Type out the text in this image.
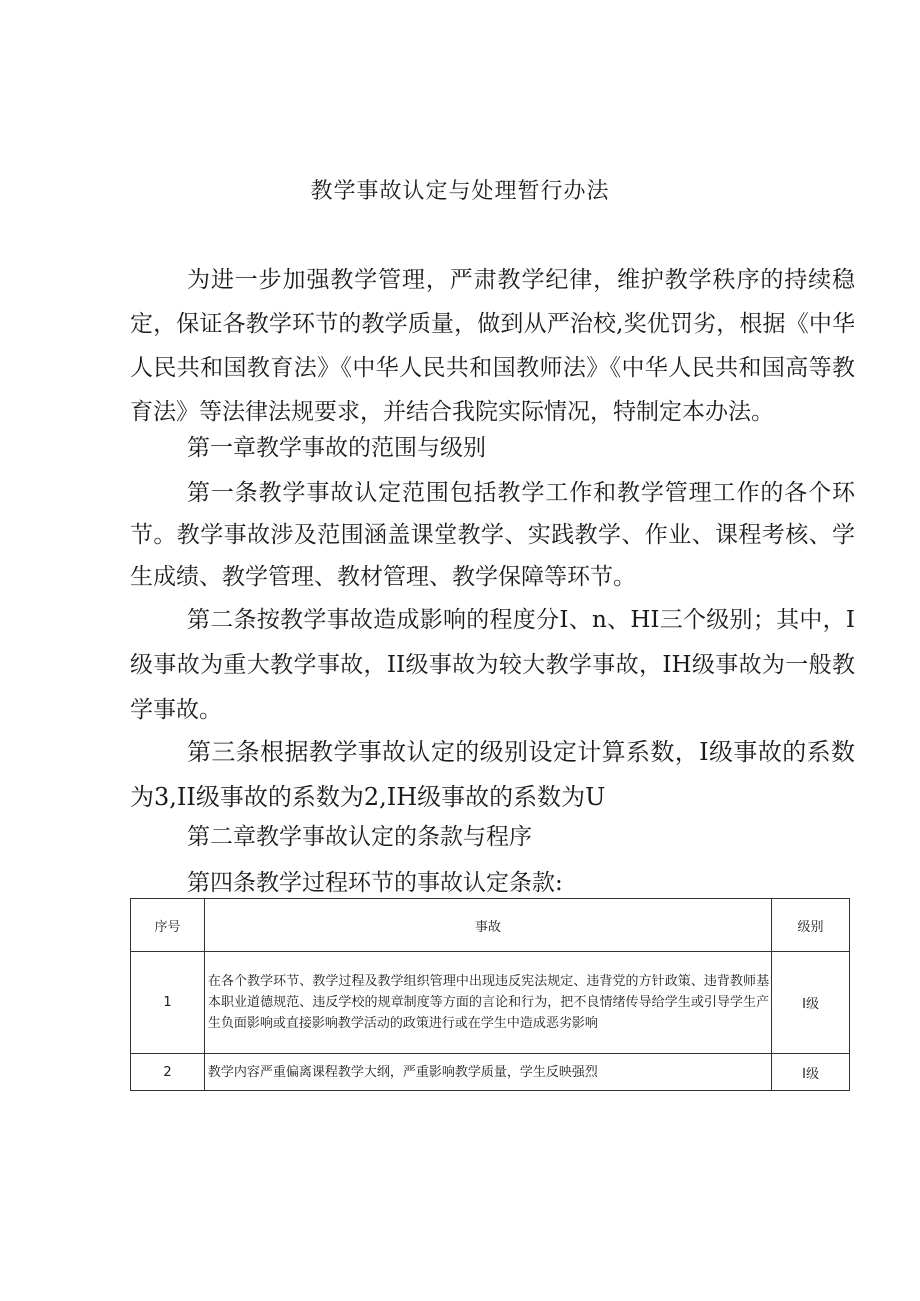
教学事故认定与处理暂行办法

为进一步加强教学管理，严肃教学纪律，维护教学秩序的持续稳定，保证各教学环节的教学质量，做到从严治校,奖优罚劣，根据《中华人民共和国教育法》《中华人民共和国教师法》《中华人民共和国高等教育法》等法律法规要求，并结合我院实际情况，特制定本办法。

第一章教学事故的范围与级别

第一条教学事故认定范围包括教学工作和教学管理工作的各个环节。教学事故涉及范围涵盖课堂教学、实践教学、作业、课程考核、学生成绩、教学管理、教材管理、教学保障等环节。

第二条按教学事故造成影响的程度分I、n、HI三个级别；其中，I级事故为重大教学事故，II级事故为较大教学事故，IH级事故为一般教学事故。

第三条根据教学事故认定的级别设定计算系数，I级事故的系数为3,II级事故的系数为2,IH级事故的系数为U

第二章教学事故认定的条款与程序

第四条教学过程环节的事故认定条款:

序号	事故	级别
1	在各个教学环节、教学过程及教学组织管理中出现违反宪法规定、违背党的方针政策、违背教师基本职业道德规范、违反学校的规章制度等方面的言论和行为，把不良情绪传导给学生或引导学生产生负面影响或直接影响教学活动的政策进行或在学生中造成恶劣影响	I级
2	教学内容严重偏离课程教学大纲，严重影响教学质量，学生反映强烈	I级
